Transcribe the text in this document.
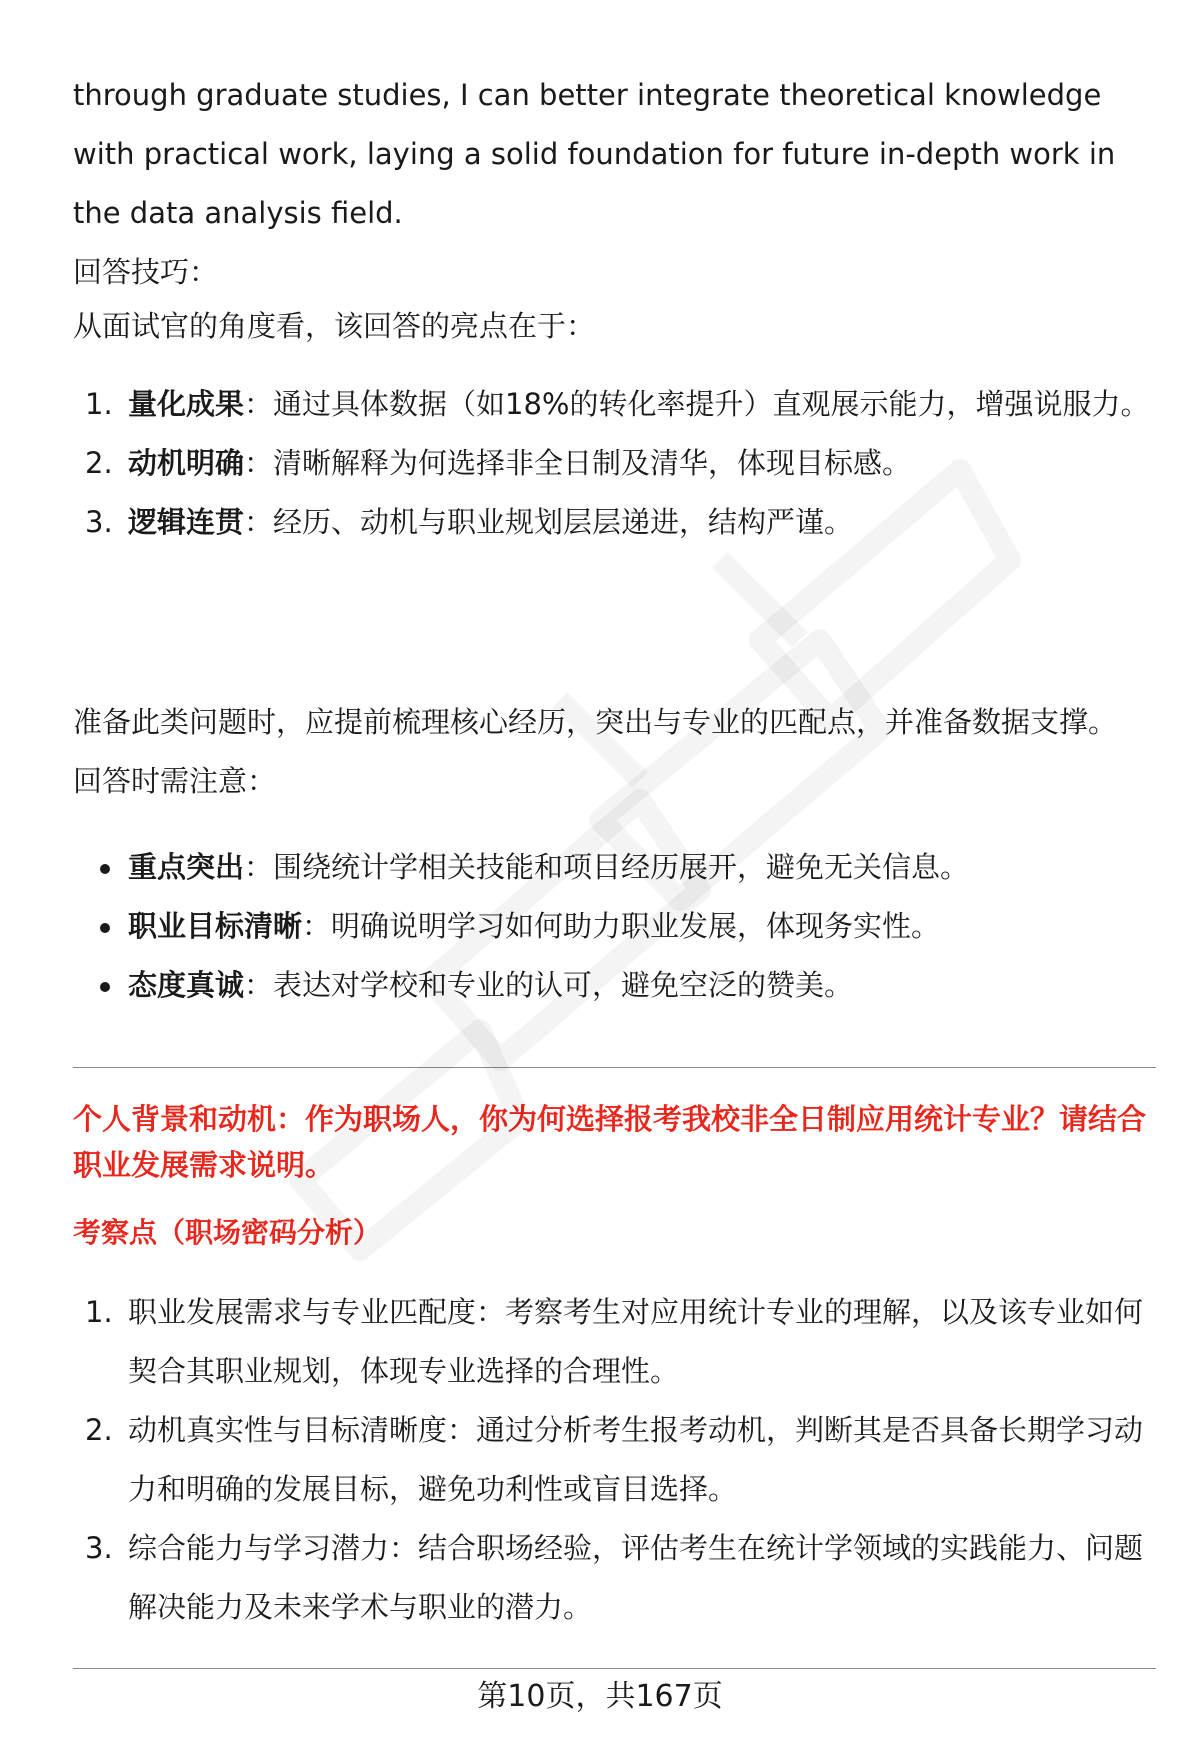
through graduate studies, I can better integrate theoretical knowledge with practical work, laying a solid foundation for future in-depth work in the data analysis field.

回答技巧：

从面试官的角度看，该回答的亮点在于：

1. 量化成果：通过具体数据（如18%的转化率提升）直观展示能力，增强说服力。
2. 动机明确：清晰解释为何选择非全日制及清华，体现目标感。
3. 逻辑连贯：经历、动机与职业规划层层递进，结构严谨。

准备此类问题时，应提前梳理核心经历，突出与专业的匹配点，并准备数据支撑。

回答时需注意：

重点突出：围绕统计学相关技能和项目经历展开，避免无关信息。
职业目标清晰：明确说明学习如何助力职业发展，体现务实性。
态度真诚：表达对学校和专业的认可，避免空泛的赞美。

个人背景和动机：作为职场人，你为何选择报考我校非全日制应用统计专业？请结合职业发展需求说明。

考察点（职场密码分析）

1. 职业发展需求与专业匹配度：考察考生对应用统计专业的理解，以及该专业如何契合其职业规划，体现专业选择的合理性。
2. 动机真实性与目标清晰度：通过分析考生报考动机，判断其是否具备长期学习动力和明确的发展目标，避免功利性或盲目选择。
3. 综合能力与学习潜力：结合职场经验，评估考生在统计学领域的实践能力、问题解决能力及未来学术与职业的潜力。

第10页，共167页
